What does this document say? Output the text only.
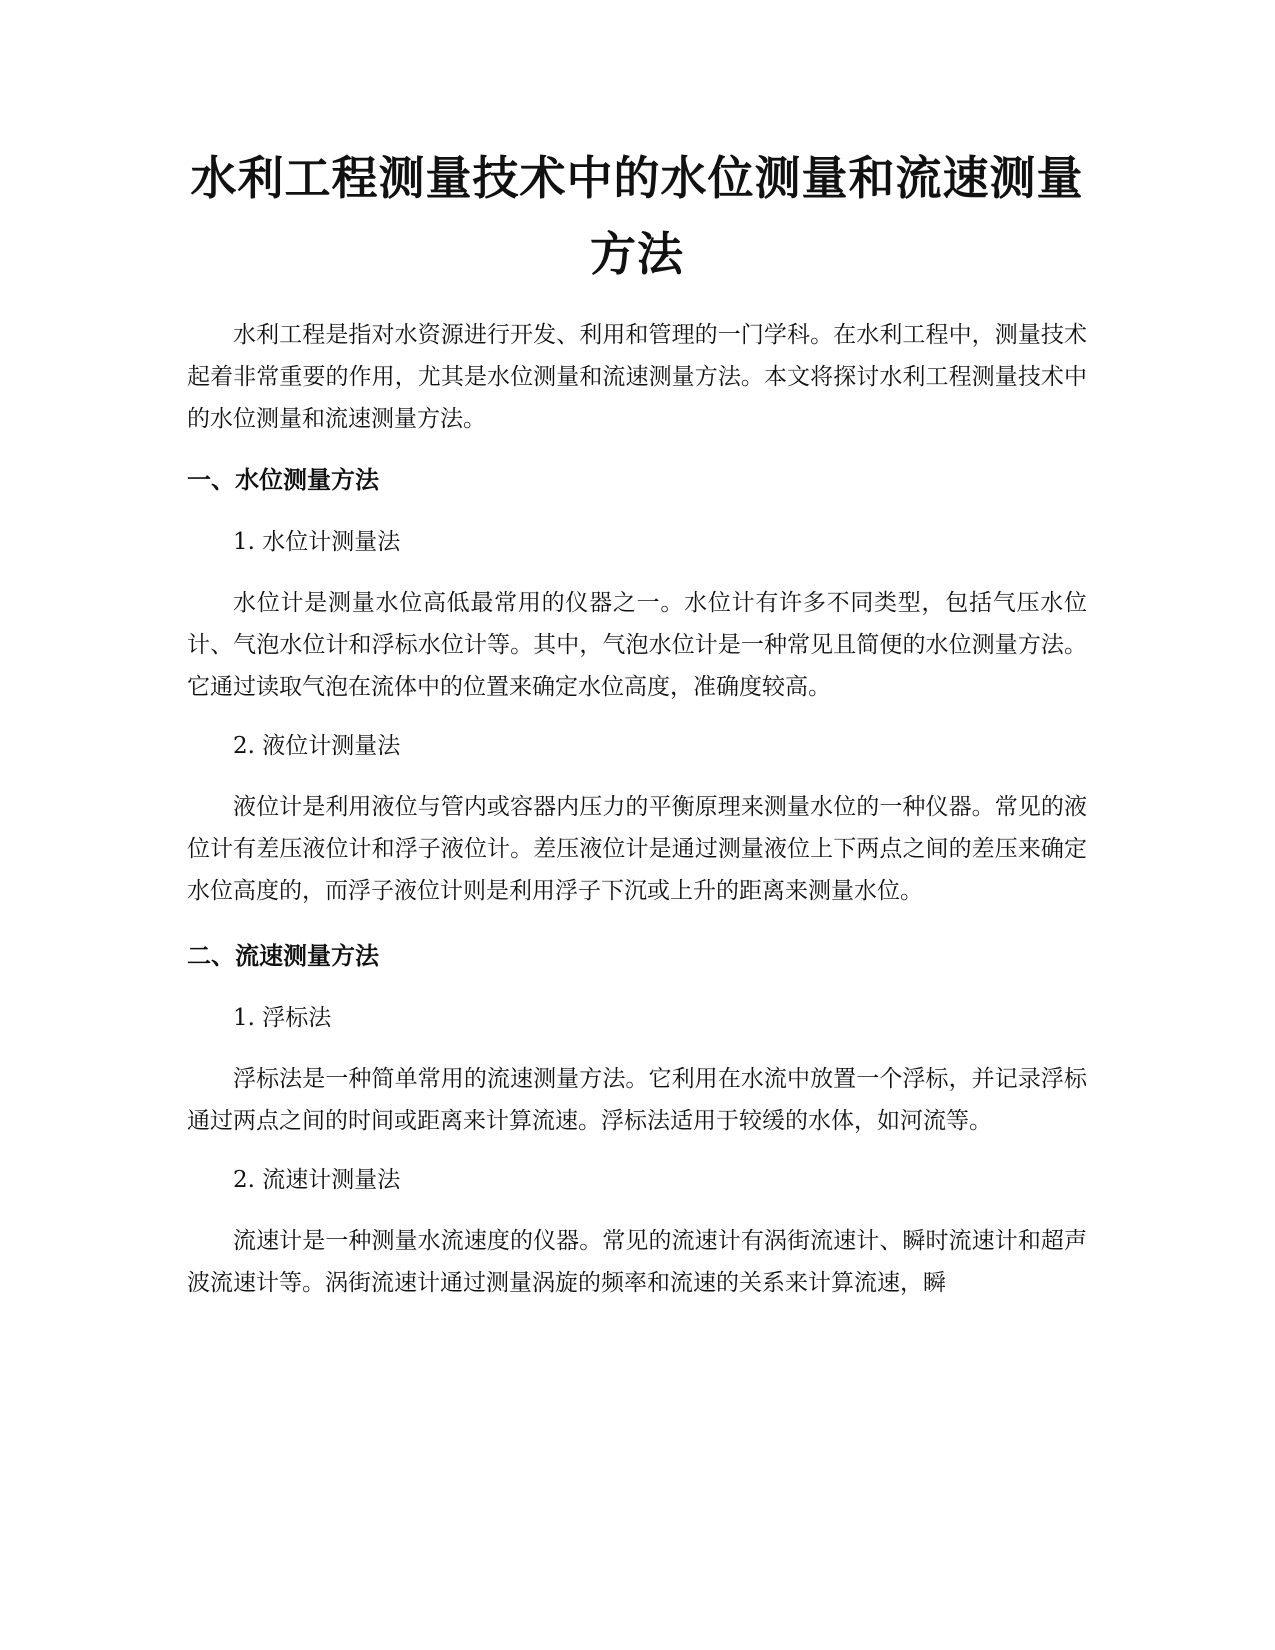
水利工程测量技术中的水位测量和流速测量方法

水利工程是指对水资源进行开发、利用和管理的一门学科。在水利工程中，测量技术起着非常重要的作用，尤其是水位测量和流速测量方法。本文将探讨水利工程测量技术中的水位测量和流速测量方法。

一、水位测量方法

1. 水位计测量法

水位计是测量水位高低最常用的仪器之一。水位计有许多不同类型，包括气压水位计、气泡水位计和浮标水位计等。其中，气泡水位计是一种常见且简便的水位测量方法。它通过读取气泡在流体中的位置来确定水位高度，准确度较高。

2. 液位计测量法

液位计是利用液位与管内或容器内压力的平衡原理来测量水位的一种仪器。常见的液位计有差压液位计和浮子液位计。差压液位计是通过测量液位上下两点之间的差压来确定水位高度的，而浮子液位计则是利用浮子下沉或上升的距离来测量水位。

二、流速测量方法

1. 浮标法

浮标法是一种简单常用的流速测量方法。它利用在水流中放置一个浮标，并记录浮标通过两点之间的时间或距离来计算流速。浮标法适用于较缓的水体，如河流等。

2. 流速计测量法

流速计是一种测量水流速度的仪器。常见的流速计有涡街流速计、瞬时流速计和超声波流速计等。涡街流速计通过测量涡旋的频率和流速的关系来计算流速，瞬
